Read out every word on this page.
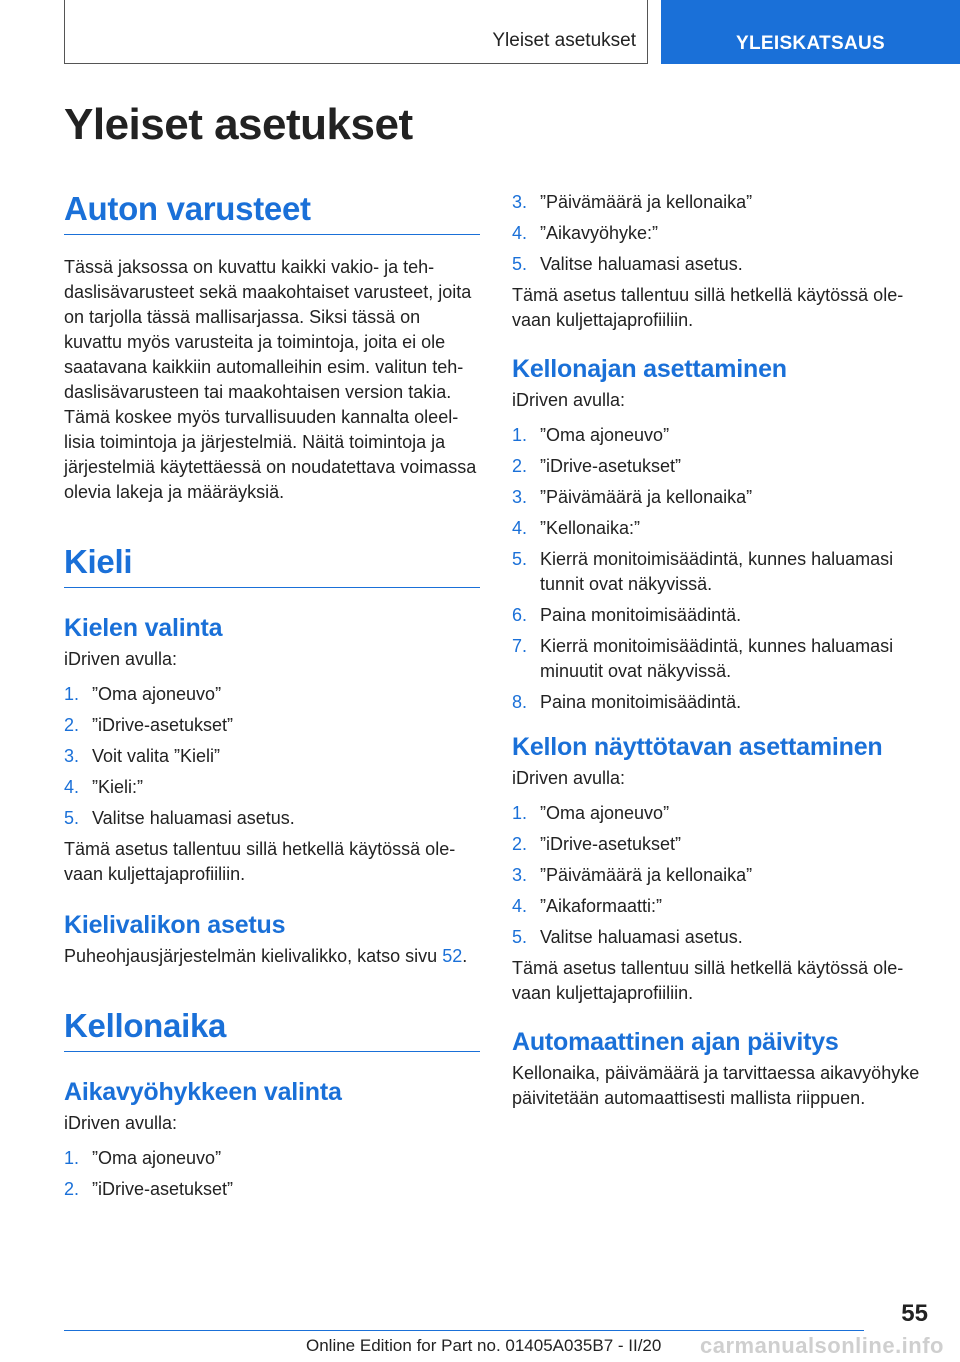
Yleiset asetukset	YLEISKATSAUS
Yleiset asetukset
Auton varusteet

Tässä jaksossa on kuvattu kaikki vakio- ja tehdaslisävarusteet sekä maakohtaiset varusteet, joita on tarjolla tässä mallisarjassa. Siksi tässä on kuvattu myös varusteita ja toimintoja, joita ei ole saatavana kaikkiin automalleihin esim. valitun tehdaslisävarusteen tai maakohtaisen version takia. Tämä koskee myös turvallisuuden kannalta oleellisia toimintoja ja järjestelmiä. Näitä toimintoja ja järjestelmiä käytettäessä on noudatettava voimassa olevia lakeja ja määräyksiä.

Kieli
Kielen valinta

iDriven avulla:

1. ”Oma ajoneuvo”
2. ”iDrive-asetukset”
3. Voit valita ”Kieli”
4. ”Kieli:”
5. Valitse haluamasi asetus.

Tämä asetus tallentuu sillä hetkellä käytössä olevaan kuljettajaprofiiliin.

Kielivalikon asetus

Puheohjausjärjestelmän kielivalikko, katso sivu 52.

Kellonaika
Aikavyöhykkeen valinta

iDriven avulla:

1. ”Oma ajoneuvo”
2. ”iDrive-asetukset”
3. ”Päivämäärä ja kellonaika”
4. ”Aikavyöhyke:”
5. Valitse haluamasi asetus.

Tämä asetus tallentuu sillä hetkellä käytössä olevaan kuljettajaprofiiliin.

Kellonajan asettaminen

iDriven avulla:

1. ”Oma ajoneuvo”
2. ”iDrive-asetukset”
3. ”Päivämäärä ja kellonaika”
4. ”Kellonaika:”
5. Kierrä monitoimisäädintä, kunnes haluamasi tunnit ovat näkyvissä.
6. Paina monitoimisäädintä.
7. Kierrä monitoimisäädintä, kunnes haluamasi minuutit ovat näkyvissä.
8. Paina monitoimisäädintä.
Kellon näyttötavan asettaminen

iDriven avulla:

1. ”Oma ajoneuvo”
2. ”iDrive-asetukset”
3. ”Päivämäärä ja kellonaika”
4. ”Aikaformaatti:”
5. Valitse haluamasi asetus.

Tämä asetus tallentuu sillä hetkellä käytössä olevaan kuljettajaprofiiliin.

Automaattinen ajan päivitys

Kellonaika, päivämäärä ja tarvittaessa aikavyöhyke päivitetään automaattisesti mallista riippuen.

55
carmanualsonline.info
Online Edition for Part no. 01405A035B7 - II/20
